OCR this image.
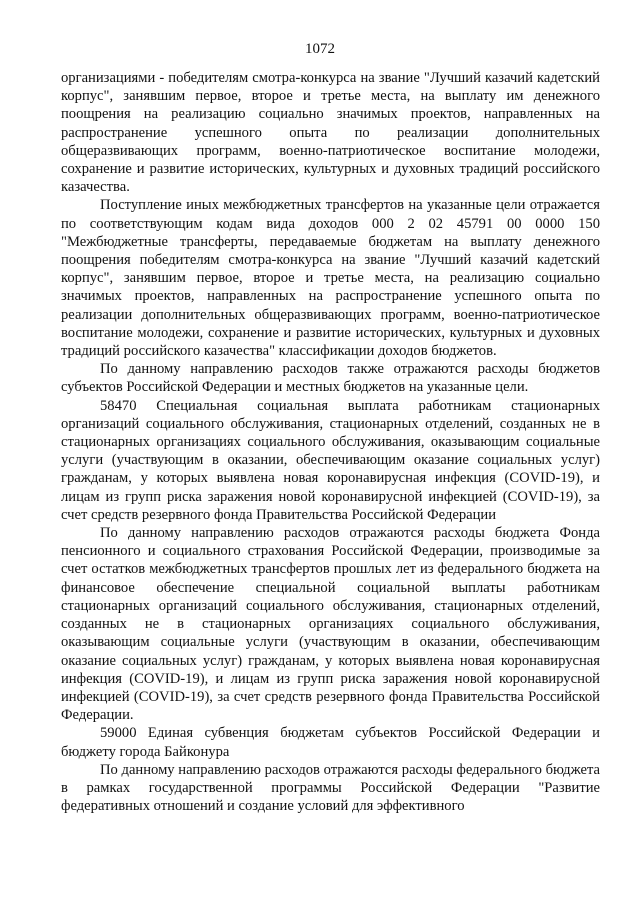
1072

организациями - победителям смотра-конкурса на звание "Лучший казачий кадетский корпус", занявшим первое, второе и третье места, на выплату им денежного поощрения на реализацию социально значимых проектов, направленных на распространение успешного опыта по реализации дополнительных общеразвивающих программ, военно-патриотическое воспитание молодежи, сохранение и развитие исторических, культурных и духовных традиций российского казачества.

Поступление иных межбюджетных трансфертов на указанные цели отражается по соответствующим кодам вида доходов 000 2 02 45791 00 0000 150 "Межбюджетные трансферты, передаваемые бюджетам на выплату денежного поощрения победителям смотра-конкурса на звание "Лучший казачий кадетский корпус", занявшим первое, второе и третье места, на реализацию социально значимых проектов, направленных на распространение успешного опыта по реализации дополнительных общеразвивающих программ, военно-патриотическое воспитание молодежи, сохранение и развитие исторических, культурных и духовных традиций российского казачества" классификации доходов бюджетов.

По данному направлению расходов также отражаются расходы бюджетов субъектов Российской Федерации и местных бюджетов на указанные цели.

58470 Специальная социальная выплата работникам стационарных организаций социального обслуживания, стационарных отделений, созданных не в стационарных организациях социального обслуживания, оказывающим социальные услуги (участвующим в оказании, обеспечивающим оказание социальных услуг) гражданам, у которых выявлена новая коронавирусная инфекция (COVID-19), и лицам из групп риска заражения новой коронавирусной инфекцией (COVID-19), за счет средств резервного фонда Правительства Российской Федерации

По данному направлению расходов отражаются расходы бюджета Фонда пенсионного и социального страхования Российской Федерации, производимые за счет остатков межбюджетных трансфертов прошлых лет из федерального бюджета на финансовое обеспечение специальной социальной выплаты работникам стационарных организаций социального обслуживания, стационарных отделений, созданных не в стационарных организациях социального обслуживания, оказывающим социальные услуги (участвующим в оказании, обеспечивающим оказание социальных услуг) гражданам, у которых выявлена новая коронавирусная инфекция (COVID-19), и лицам из групп риска заражения новой коронавирусной инфекцией (COVID-19), за счет средств резервного фонда Правительства Российской Федерации.

59000 Единая субвенция бюджетам субъектов Российской Федерации и бюджету города Байконура

По данному направлению расходов отражаются расходы федерального бюджета в рамках государственной программы Российской Федерации "Развитие федеративных отношений и создание условий для эффективного
